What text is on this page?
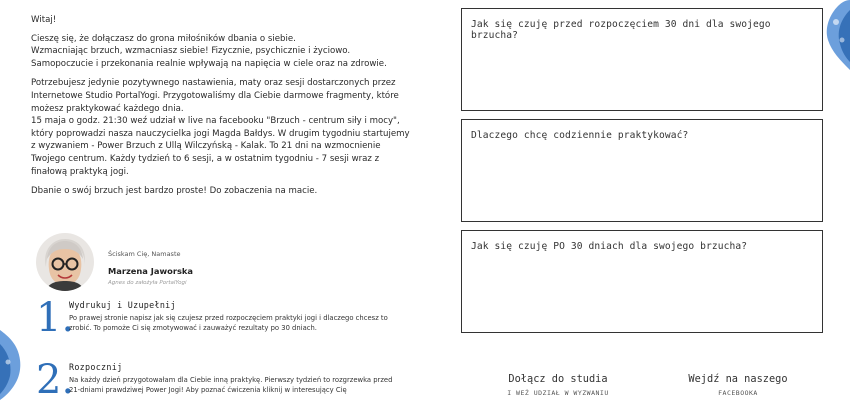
Witaj!

Cieszę się, że dołączasz do grona miłośników dbania o siebie.
Wzmacniając brzuch, wzmacniasz siebie! Fizycznie, psychicznie i życiowo. Samopoczucie i przekonania realnie wpływają na napięcia w ciele oraz na zdrowie.

Potrzebujesz jedynie pozytywnego nastawienia, maty oraz sesji dostarczonych przez Internetowe Studio PortalYogi. Przygotowaliśmy dla Ciebie darmowe fragmenty, które możesz praktykować każdego dnia.
15 maja o godz. 21:30 weź udział w live na facebooku "Brzuch - centrum siły i mocy", który poprowadzi nasza nauczycielka jogi Magda Bałdys. W drugim tygodniu startujemy z wyzwaniem - Power Brzuch z Ullą Wilczyńską - Kalak. To 21 dni na wzmocnienie Twojego centrum. Każdy tydzień to 6 sesji, a w ostatnim tygodniu - 7 sesji wraz z finałową praktyką jogi.

Dbanie o swój brzuch jest bardzo proste! Do zobaczenia na macie.

Ściskam Cię, Namaste
Marzena Jaworska
Agnes do założyła PortalYogi
1.
Wydrukuj i Uzupełnij
Po prawej stronie napisz jak się czujesz przed rozpoczęciem praktyki jogi i dlaczego chcesz to zrobić. To pomoże Ci się zmotywować i zauważyć rezultaty po 30 dniach.
2.
Rozpocznij
Na każdy dzień przygotowałam dla Ciebie inną praktykę. Pierwszy tydzień to rozgrzewka przed 21-dniami prawdziwej Power Jogi! Aby poznać ćwiczenia kliknij w interesujący Cię
Jak się czuję przed rozpoczęciem 30 dni dla swojego brzucha?
Dlaczego chcę codziennie praktykować?
Jak się czuję PO 30 dniach dla swojego brzucha?
Dołącz do studia
I WEŹ UDZIAŁ W WYZWANIU
Wejdź na naszego
FACEBOOKA
